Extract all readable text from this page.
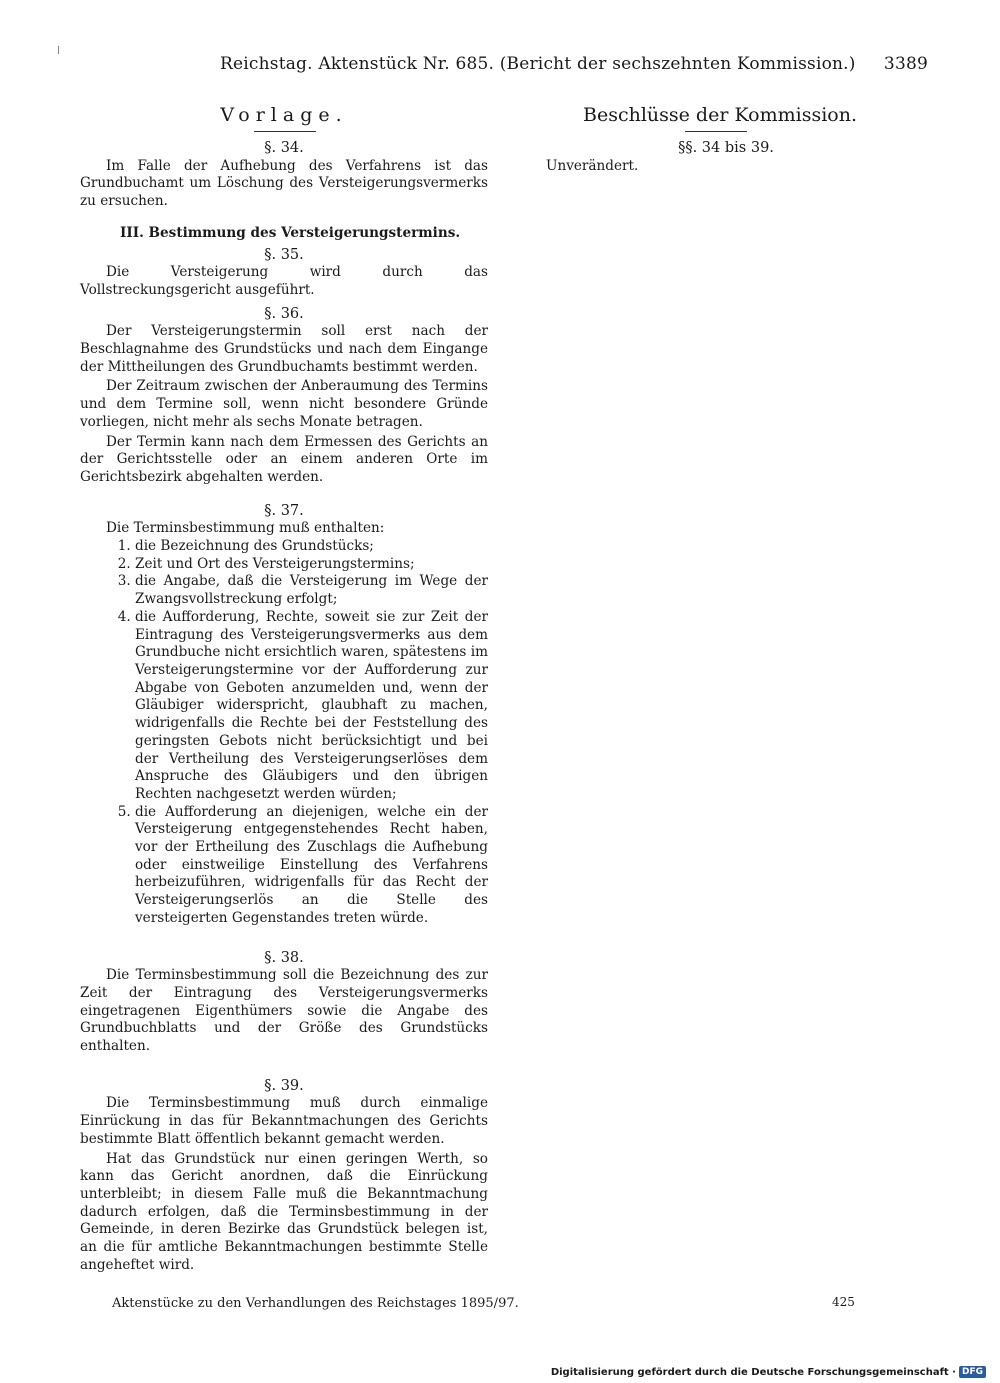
Reichstag. Aktenstück Nr. 685. (Bericht der sechszehnten Kommission.) 3389
Vorlage.	Beschlüsse der Kommission.

§. 34.

Im Falle der Aufhebung des Verfahrens ist das Grundbuchamt um Löschung des Versteigerungsvermerks zu ersuchen.

III. Bestimmung des Versteigerungstermins.

§. 35.

Die Versteigerung wird durch das Vollstreckungsgericht ausgeführt.

§. 36.

Der Versteigerungstermin soll erst nach der Beschlagnahme des Grundstücks und nach dem Eingange der Mittheilungen des Grundbuchamts bestimmt werden.

Der Zeitraum zwischen der Anberaumung des Termins und dem Termine soll, wenn nicht besondere Gründe vorliegen, nicht mehr als sechs Monate betragen.

Der Termin kann nach dem Ermessen des Gerichts an der Gerichtsstelle oder an einem anderen Orte im Gerichtsbezirk abgehalten werden.

§. 37.

Die Terminsbestimmung muß enthalten:

1. die Bezeichnung des Grundstücks;
2. Zeit und Ort des Versteigerungstermins;
3. die Angabe, daß die Versteigerung im Wege der Zwangsvollstreckung erfolgt;
4. die Aufforderung, Rechte, soweit sie zur Zeit der Eintragung des Versteigerungsvermerks aus dem Grundbuche nicht ersichtlich waren, spätestens im Versteigerungstermine vor der Aufforderung zur Abgabe von Geboten anzumelden und, wenn der Gläubiger widerspricht, glaubhaft zu machen, widrigenfalls die Rechte bei der Feststellung des geringsten Gebots nicht berücksichtigt und bei der Vertheilung des Versteigerungserlöses dem Anspruche des Gläubigers und den übrigen Rechten nachgesetzt werden würden;
5. die Aufforderung an diejenigen, welche ein der Versteigerung entgegenstehendes Recht haben, vor der Ertheilung des Zuschlags die Aufhebung oder einstweilige Einstellung des Verfahrens herbeizuführen, widrigenfalls für das Recht der Versteigerungserlös an die Stelle des versteigerten Gegenstandes treten würde.

§. 38.

Die Terminsbestimmung soll die Bezeichnung des zur Zeit der Eintragung des Versteigerungsvermerks eingetragenen Eigenthümers sowie die Angabe des Grundbuchblatts und der Größe des Grundstücks enthalten.

§. 39.

Die Terminsbestimmung muß durch einmalige Einrückung in das für Bekanntmachungen des Gerichts bestimmte Blatt öffentlich bekannt gemacht werden.

Hat das Grundstück nur einen geringen Werth, so kann das Gericht anordnen, daß die Einrückung unterbleibt; in diesem Falle muß die Bekanntmachung dadurch erfolgen, daß die Terminsbestimmung in der Gemeinde, in deren Bezirke das Grundstück belegen ist, an die für amtliche Bekanntmachungen bestimmte Stelle angeheftet wird.

§§. 34 bis 39.

Unverändert.

Aktenstücke zu den Verhandlungen des Reichstages 1895/97.	425
Digitalisierung gefördert durch die Deutsche Forschungsgemeinschaft · DFG
